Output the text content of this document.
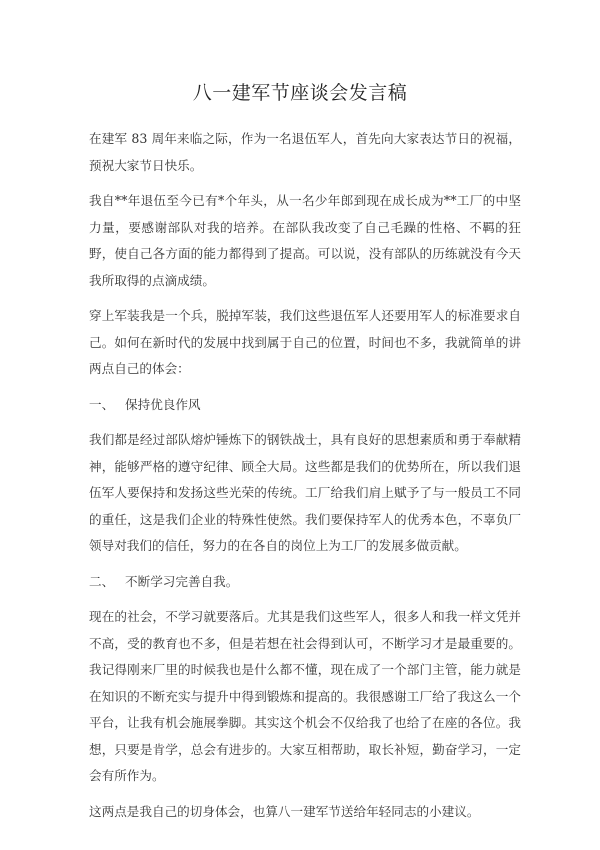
八一建军节座谈会发言稿

在建军 83 周年来临之际，作为一名退伍军人，首先向大家表达节日的祝福，预祝大家节日快乐。

我自**年退伍至今已有*个年头，从一名少年郎到现在成长成为**工厂的中坚力量，要感谢部队对我的培养。在部队我改变了自己毛躁的性格、不羁的狂野，使自己各方面的能力都得到了提高。可以说，没有部队的历练就没有今天我所取得的点滴成绩。

穿上军装我是一个兵，脱掉军装，我们这些退伍军人还要用军人的标准要求自己。如何在新时代的发展中找到属于自己的位置，时间也不多，我就简单的讲两点自己的体会：

一、 保持优良作风

我们都是经过部队熔炉锤炼下的钢铁战士，具有良好的思想素质和勇于奉献精神，能够严格的遵守纪律、顾全大局。这些都是我们的优势所在，所以我们退伍军人要保持和发扬这些光荣的传统。工厂给我们肩上赋予了与一般员工不同的重任，这是我们企业的特殊性使然。我们要保持军人的优秀本色，不辜负厂领导对我们的信任，努力的在各自的岗位上为工厂的发展多做贡献。

二、 不断学习完善自我。

现在的社会，不学习就要落后。尤其是我们这些军人，很多人和我一样文凭并不高，受的教育也不多，但是若想在社会得到认可，不断学习才是最重要的。我记得刚来厂里的时候我也是什么都不懂，现在成了一个部门主管，能力就是在知识的不断充实与提升中得到锻炼和提高的。我很感谢工厂给了我这么一个平台，让我有机会施展拳脚。其实这个机会不仅给我了也给了在座的各位。我想，只要是肯学，总会有进步的。大家互相帮助，取长补短，勤奋学习，一定会有所作为。

这两点是我自己的切身体会，也算八一建军节送给年轻同志的小建议。
